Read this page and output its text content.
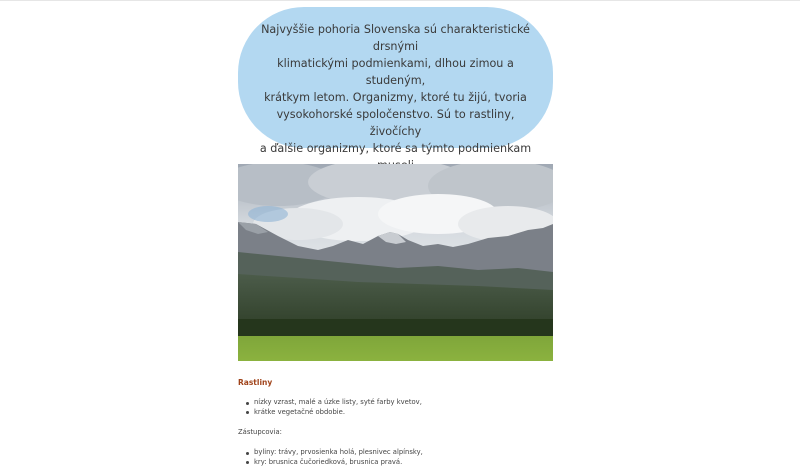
Najvyššie pohoria Slovenska sú charakteristické drsnými
klimatickými podmienkami, dlhou zimou a studeným,
krátkym letom. Organizmy, ktoré tu žijú, tvoria
vysokohorské spoločenstvo. Sú to rastliny, živočíchy
a ďalšie organizmy, ktoré sa týmto podmienkam
Rastliny
nízky vzrast, malé a úzke listy, syté farby kvetov,
krátke vegetačné obdobie.
Zástupcovia:
byliny: trávy, prvosienka holá, plesnivec alpínsky,
kry: brusnica čučoriedková, brusnica pravá.
